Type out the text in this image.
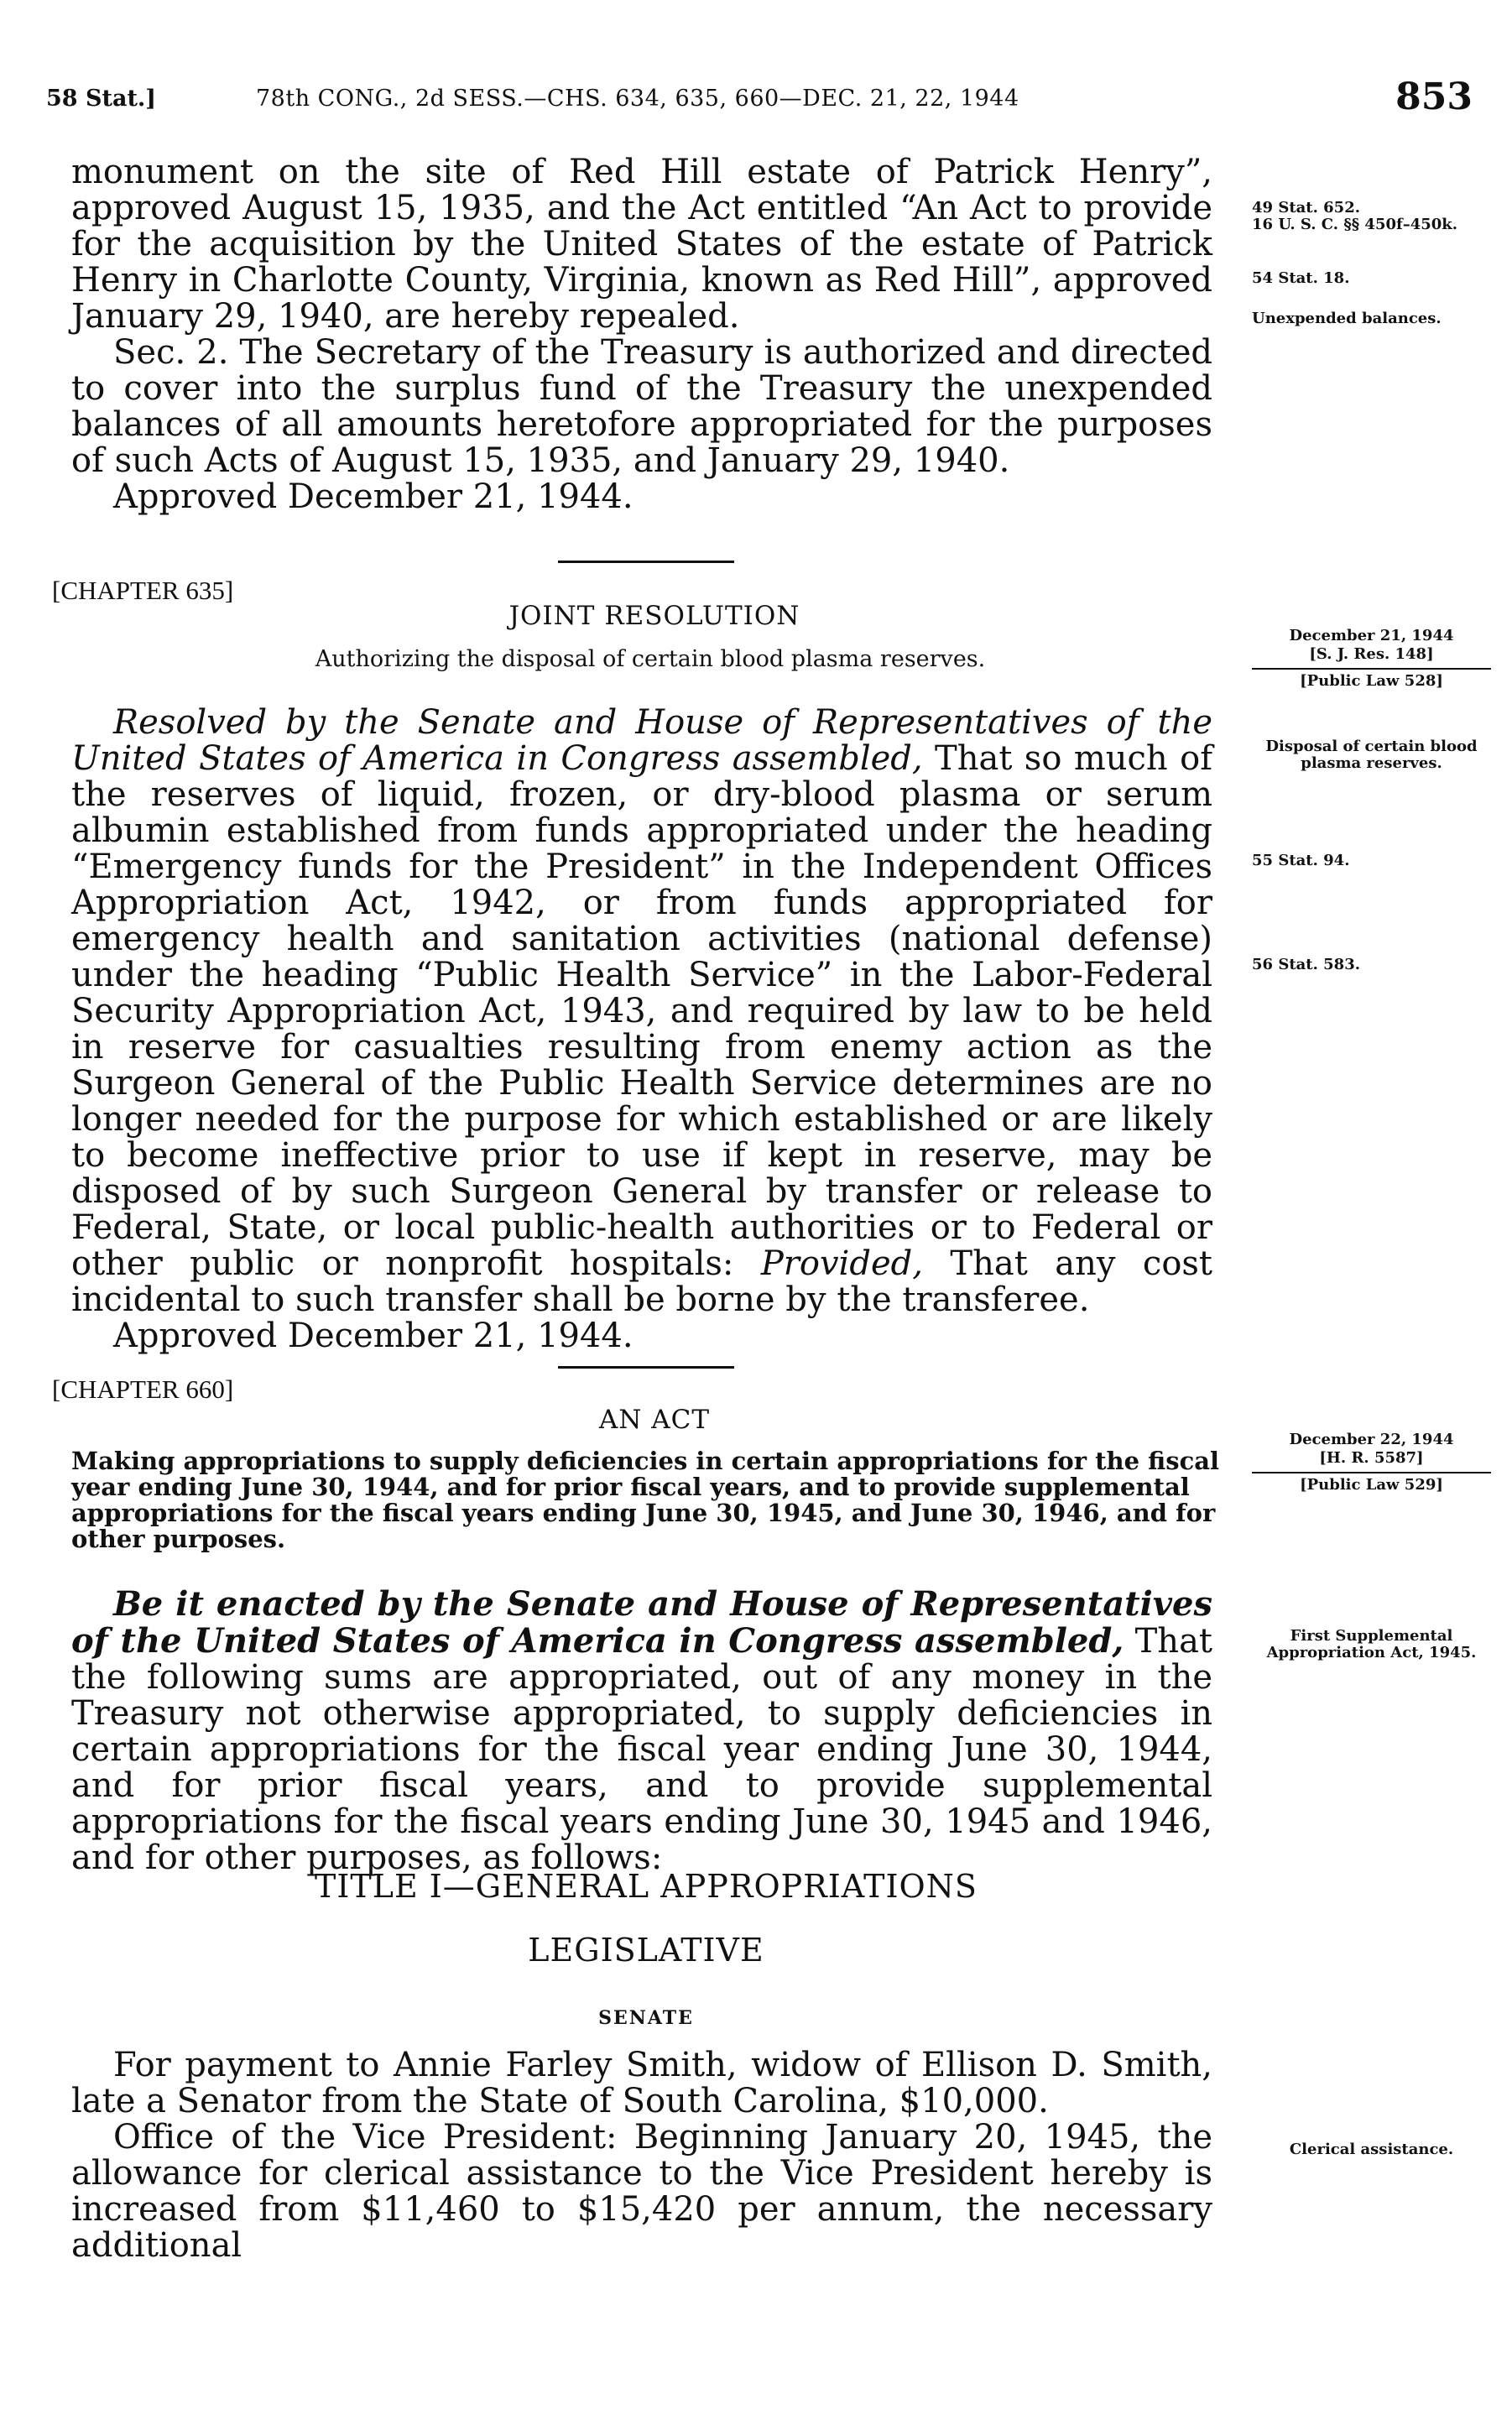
58 Stat.]	78th CONG., 2d SESS.—CHS. 634, 635, 660—DEC. 21, 22, 1944	853

monument on the site of Red Hill estate of Patrick Henry”, approved August 15, 1935, and the Act entitled “An Act to provide for the acquisition by the United States of the estate of Patrick Henry in Charlotte County, Virginia, known as Red Hill”, approved January 29, 1940, are hereby repealed.

Sec. 2. The Secretary of the Treasury is authorized and directed to cover into the surplus fund of the Treasury the unexpended balances of all amounts heretofore appropriated for the purposes of such Acts of August 15, 1935, and January 29, 1940.

Approved December 21, 1944.

49 Stat. 652.
16 U. S. C. §§ 450f–450k.
54 Stat. 18.
Unexpended balances.
[CHAPTER 635]
JOINT RESOLUTION
Authorizing the disposal of certain blood plasma reserves.
December 21, 1944
[S. J. Res. 148]
[Public Law 528]

Resolved by the Senate and House of Representatives of the United States of America in Congress assembled, That so much of the reserves of liquid, frozen, or dry-blood plasma or serum albumin established from funds appropriated under the heading “Emergency funds for the President” in the Independent Offices Appropriation Act, 1942, or from funds appropriated for emergency health and sanitation activities (national defense) under the heading “Public Health Service” in the Labor-Federal Security Appropriation Act, 1943, and required by law to be held in reserve for casualties resulting from enemy action as the Surgeon General of the Public Health Service determines are no longer needed for the purpose for which established or are likely to become ineffective prior to use if kept in reserve, may be disposed of by such Surgeon General by transfer or release to Federal, State, or local public-health authorities or to Federal or other public or nonprofit hospitals: Provided, That any cost incidental to such transfer shall be borne by the transferee.

Approved December 21, 1944.

Disposal of certain blood plasma reserves.
55 Stat. 94.
56 Stat. 583.
[CHAPTER 660]
AN ACT
December 22, 1944
[H. R. 5587]
[Public Law 529]
Making appropriations to supply deficiencies in certain appropriations for the fiscal year ending June 30, 1944, and for prior fiscal years, and to provide supplemental appropriations for the fiscal years ending June 30, 1945, and June 30, 1946, and for other purposes.

Be it enacted by the Senate and House of Representatives of the United States of America in Congress assembled, That the following sums are appropriated, out of any money in the Treasury not otherwise appropriated, to supply deficiencies in certain appropriations for the fiscal year ending June 30, 1944, and for prior fiscal years, and to provide supplemental appropriations for the fiscal years ending June 30, 1945 and 1946, and for other purposes, as follows:

First Supplemental Appropriation Act, 1945.
TITLE I—GENERAL APPROPRIATIONS
LEGISLATIVE
SENATE

For payment to Annie Farley Smith, widow of Ellison D. Smith, late a Senator from the State of South Carolina, $10,000.

Office of the Vice President: Beginning January 20, 1945, the allowance for clerical assistance to the Vice President hereby is increased from $11,460 to $15,420 per annum, the necessary additional

Clerical assistance.
